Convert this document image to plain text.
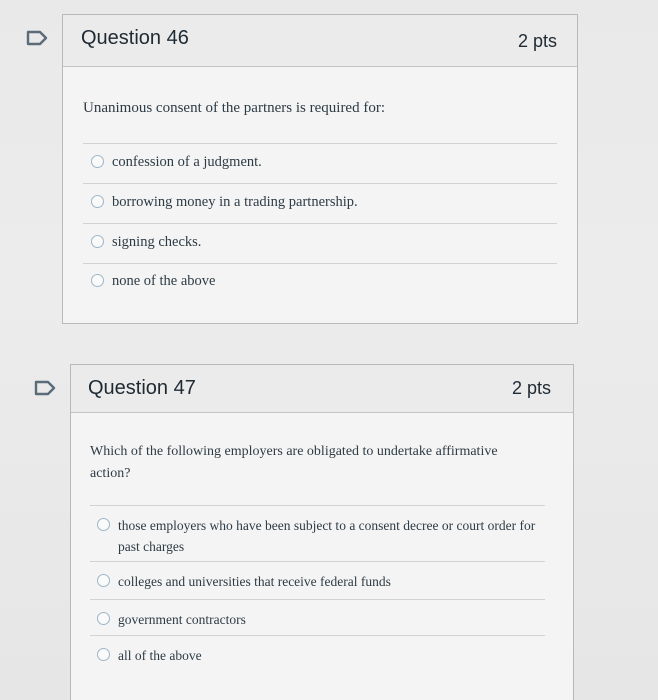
Question 46	2 pts
Unanimous consent of the partners is required for:
confession of a judgment.
borrowing money in a trading partnership.
signing checks.
none of the above
Question 47	2 pts
Which of the following employers are obligated to undertake affirmative action?
those employers who have been subject to a consent decree or court order for past charges
colleges and universities that receive federal funds
government contractors
all of the above
